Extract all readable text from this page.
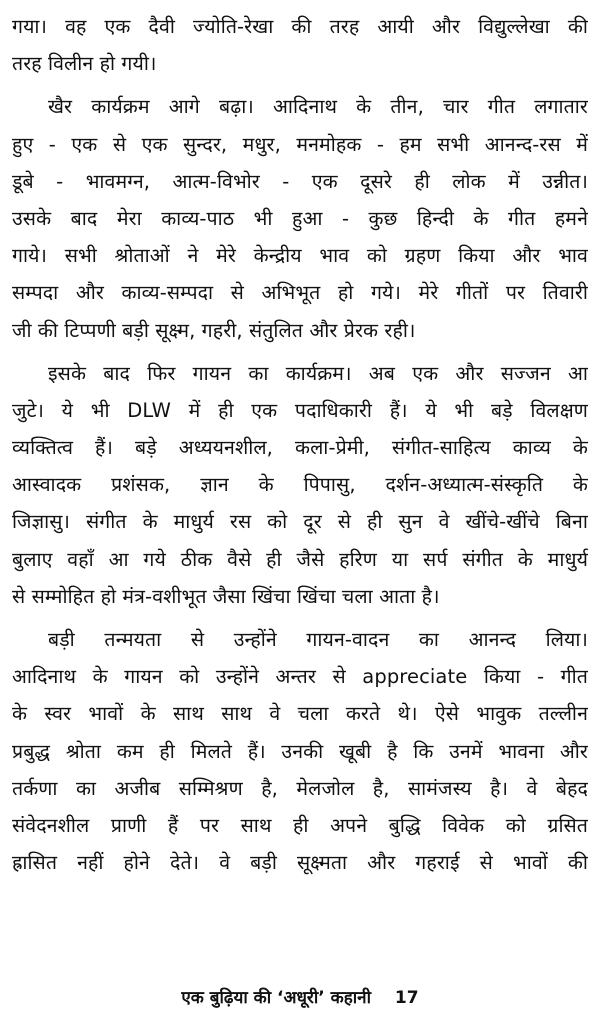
गया। वह एक दैवी ज्योति-रेखा की तरह आयी और विद्युल्लेखा की
तरह विलीन हो गयी।
खैर कार्यक्रम आगे बढ़ा। आदिनाथ के तीन, चार गीत लगातार
हुए - एक से एक सुन्दर, मधुर, मनमोहक - हम सभी आनन्द-रस में
डूबे - भावमग्न, आत्म-विभोर - एक दूसरे ही लोक में उन्नीत।
उसके बाद मेरा काव्य-पाठ भी हुआ - कुछ हिन्दी के गीत हमने
गाये। सभी श्रोताओं ने मेरे केन्द्रीय भाव को ग्रहण किया और भाव
सम्पदा और काव्य-सम्पदा से अभिभूत हो गये। मेरे गीतों पर तिवारी
जी की टिप्पणी बड़ी सूक्ष्म, गहरी, संतुलित और प्रेरक रही।
इसके बाद फिर गायन का कार्यक्रम। अब एक और सज्जन आ
जुटे। ये भी DLW में ही एक पदाधिकारी हैं। ये भी बड़े विलक्षण
व्यक्तित्व हैं। बड़े अध्ययनशील, कला-प्रेमी, संगीत-साहित्य काव्य के
आस्वादक प्रशंसक, ज्ञान के पिपासु, दर्शन-अध्यात्म-संस्कृति के
जिज्ञासु। संगीत के माधुर्य रस को दूर से ही सुन वे खींचे-खींचे बिना
बुलाए वहाँ आ गये ठीक वैसे ही जैसे हरिण या सर्प संगीत के माधुर्य
से सम्मोहित हो मंत्र-वशीभूत जैसा खिंचा खिंचा चला आता है।
बड़ी तन्मयता से उन्होंने गायन-वादन का आनन्द लिया।
आदिनाथ के गायन को उन्होंने अन्तर से appreciate किया - गीत
के स्वर भावों के साथ साथ वे चला करते थे। ऐसे भावुक तल्लीन
प्रबुद्ध श्रोता कम ही मिलते हैं। उनकी खूबी है कि उनमें भावना और
तर्कणा का अजीब सम्मिश्रण है, मेलजोल है, सामंजस्य है। वे बेहद
संवेदनशील प्राणी हैं पर साथ ही अपने बुद्धि विवेक को ग्रसित
ह्रासित नहीं होने देते। वे बड़ी सूक्ष्मता और गहराई से भावों की
एक बुढ़िया की ‘अधूरी’ कहानी 17
